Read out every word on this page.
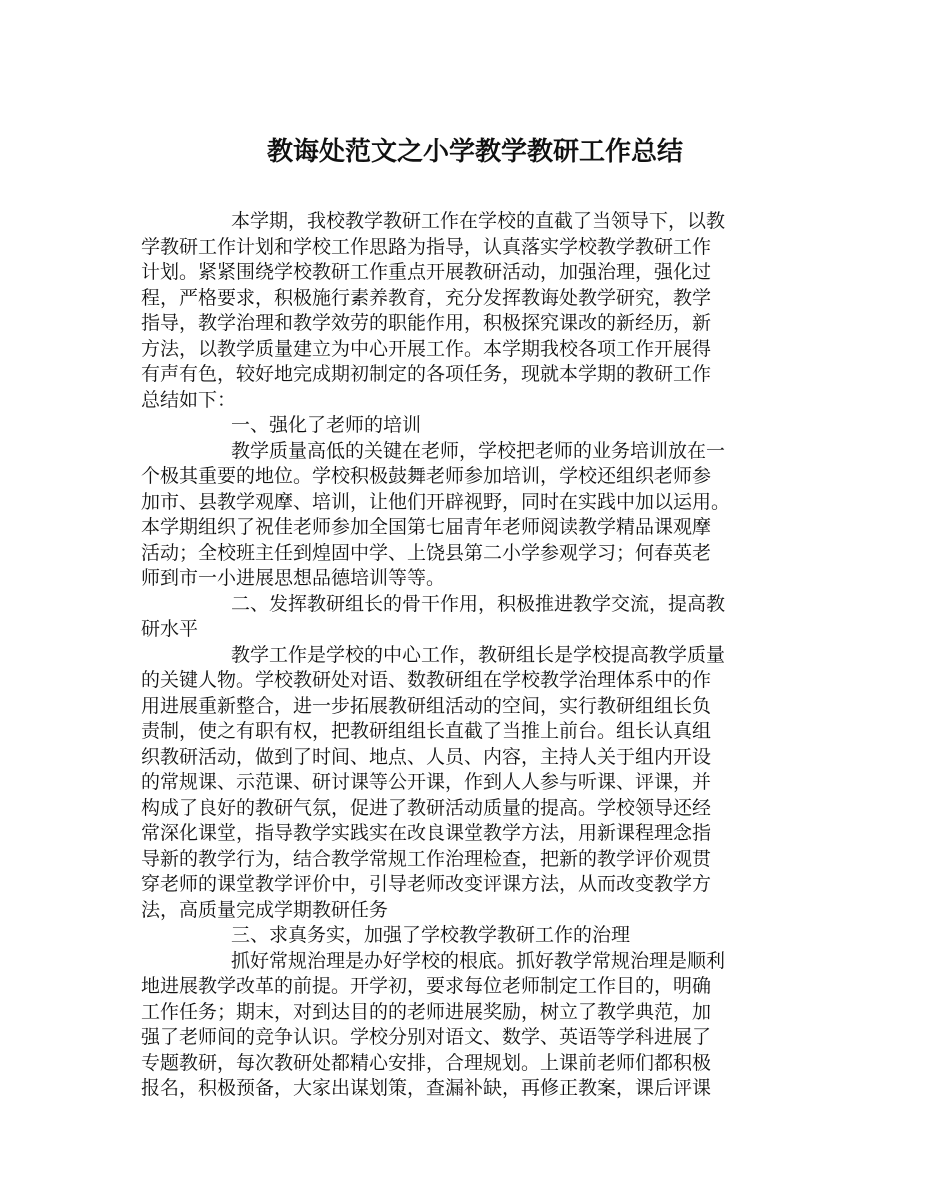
教诲处范文之小学教学教研工作总结
本学期，我校教学教研工作在学校的直截了当领导下，以教
学教研工作计划和学校工作思路为指导，认真落实学校教学教研工作
计划。紧紧围绕学校教研工作重点开展教研活动，加强治理，强化过
程，严格要求，积极施行素养教育，充分发挥教诲处教学研究，教学
指导，教学治理和教学效劳的职能作用，积极探究课改的新经历，新
方法，以教学质量建立为中心开展工作。本学期我校各项工作开展得
有声有色，较好地完成期初制定的各项任务，现就本学期的教研工作
总结如下：
一、强化了老师的培训
教学质量高低的关键在老师，学校把老师的业务培训放在一
个极其重要的地位。学校积极鼓舞老师参加培训，学校还组织老师参
加市、县教学观摩、培训，让他们开辟视野，同时在实践中加以运用。
本学期组织了祝佳老师参加全国第七届青年老师阅读教学精品课观摩
活动；全校班主任到煌固中学、上饶县第二小学参观学习；何春英老
师到市一小进展思想品德培训等等。
二、发挥教研组长的骨干作用，积极推进教学交流，提高教
研水平
教学工作是学校的中心工作，教研组长是学校提高教学质量
的关键人物。学校教研处对语、数教研组在学校教学治理体系中的作
用进展重新整合，进一步拓展教研组活动的空间，实行教研组组长负
责制，使之有职有权，把教研组组长直截了当推上前台。组长认真组
织教研活动，做到了时间、地点、人员、内容，主持人关于组内开设
的常规课、示范课、研讨课等公开课，作到人人参与听课、评课，并
构成了良好的教研气氛，促进了教研活动质量的提高。学校领导还经
常深化课堂，指导教学实践实在改良课堂教学方法，用新课程理念指
导新的教学行为，结合教学常规工作治理检查，把新的教学评价观贯
穿老师的课堂教学评价中，引导老师改变评课方法，从而改变教学方
法，高质量完成学期教研任务
三、求真务实，加强了学校教学教研工作的治理
抓好常规治理是办好学校的根底。抓好教学常规治理是顺利
地进展教学改革的前提。开学初，要求每位老师制定工作目的，明确
工作任务；期末，对到达目的的老师进展奖励，树立了教学典范，加
强了老师间的竞争认识。学校分别对语文、数学、英语等学科进展了
专题教研，每次教研处都精心安排，合理规划。上课前老师们都积极
报名，积极预备，大家出谋划策，查漏补缺，再修正教案，课后评课
